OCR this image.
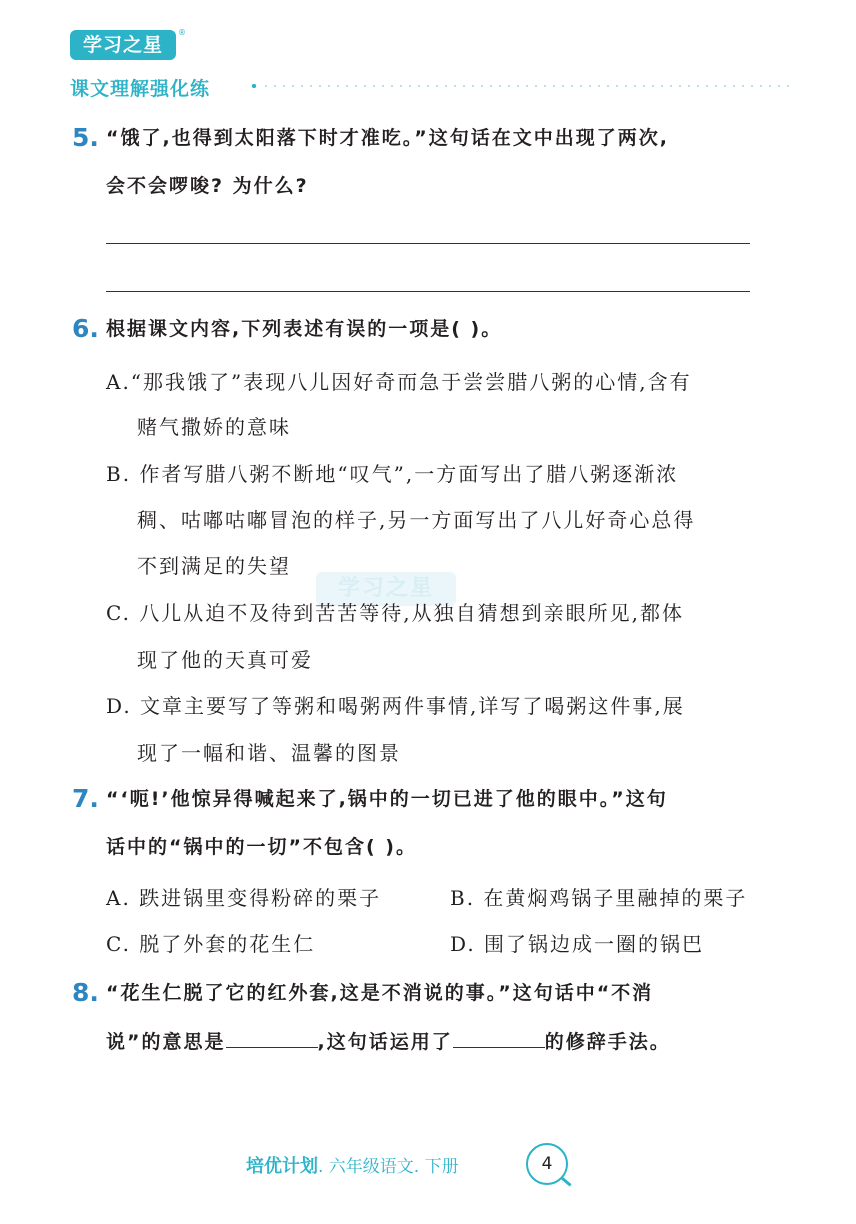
学习之星
®
课文理解强化练
5. “饿了,也得到太阳落下时才准吃。”这句话在文中出现了两次,
会不会啰唆? 为什么?
6. 根据课文内容,下列表述有误的一项是( )。
A.“那我饿了”表现八儿因好奇而急于尝尝腊八粥的心情,含有
赌气撒娇的意味
B. 作者写腊八粥不断地“叹气”,一方面写出了腊八粥逐渐浓
稠、咕嘟咕嘟冒泡的样子,另一方面写出了八儿好奇心总得
不到满足的失望
学习之星
C. 八儿从迫不及待到苦苦等待,从独自猜想到亲眼所见,都体
现了他的天真可爱
D. 文章主要写了等粥和喝粥两件事情,详写了喝粥这件事,展
现了一幅和谐、温馨的图景
7. “‘呃!’他惊异得喊起来了,锅中的一切已进了他的眼中。”这句
话中的“锅中的一切”不包含( )。
A. 跌进锅里变得粉碎的栗子	B. 在黄焖鸡锅子里融掉的栗子
C. 脱了外套的花生仁	D. 围了锅边成一圈的锅巴
8. “花生仁脱了它的红外套,这是不消说的事。”这句话中“不消
说”的意思是	,这句话运用了	的修辞手法。
培优计划. 六年级语文. 下册	4
